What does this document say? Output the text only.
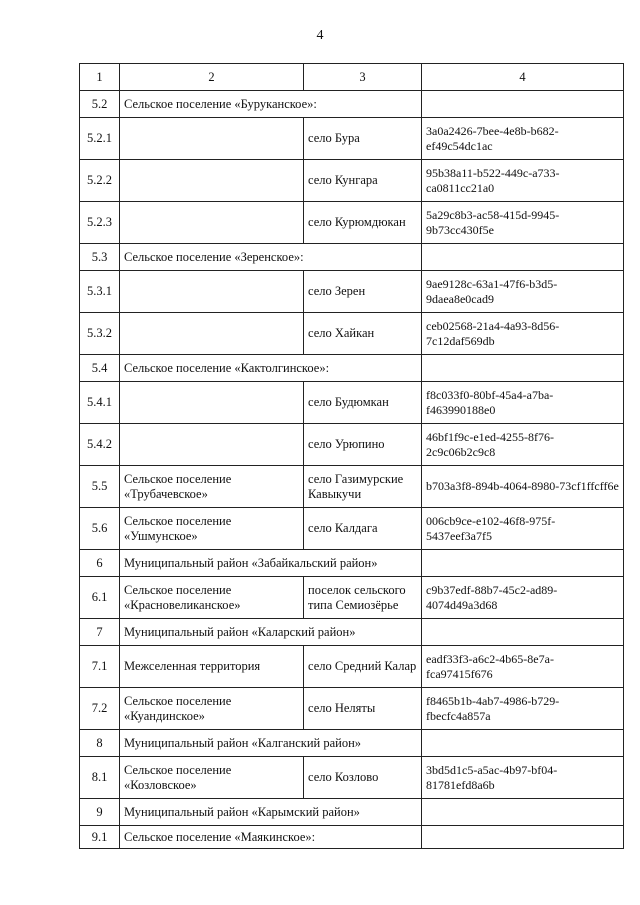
4
1	2	3	4
5.2	Сельское поселение «Буруканское»:		
5.2.1		село Бура	3a0a2426-7bee-4e8b-b682-ef49c54dc1ac
5.2.2		село Кунгара	95b38a11-b522-449c-a733-ca0811cc21a0
5.2.3		село Курюмдюкан	5a29c8b3-ac58-415d-9945-9b73cc430f5e
5.3	Сельское поселение «Зеренское»:		
5.3.1		село Зерен	9ae9128c-63a1-47f6-b3d5-9daea8e0cad9
5.3.2		село Хайкан	ceb02568-21a4-4a93-8d56-7c12daf569db
5.4	Сельское поселение «Кактолгинское»:		
5.4.1		село Будюмкан	f8c033f0-80bf-45a4-a7ba-f463990188e0
5.4.2		село Урюпино	46bf1f9c-e1ed-4255-8f76-2c9c06b2c9c8
5.5	Сельское поселение «Трубачевское»	село Газимурские Кавыкучи	b703a3f8-894b-4064-8980-73cf1ffcff6e
5.6	Сельское поселение «Ушмунское»	село Калдага	006cb9ce-e102-46f8-975f-5437eef3a7f5
6	Муниципальный район «Забайкальский район»		
6.1	Сельское поселение «Красновеликанское»	поселок сельского типа Семиозёрье	c9b37edf-88b7-45c2-ad89-4074d49a3d68
7	Муниципальный район «Каларский район»		
7.1	Межселенная территория	село Средний Калар	eadf33f3-a6c2-4b65-8e7a-fca97415f676
7.2	Сельское поселение «Куандинское»	село Неляты	f8465b1b-4ab7-4986-b729-fbecfc4a857a
8	Муниципальный район «Калганский район»		
8.1	Сельское поселение «Козловское»	село Козлово	3bd5d1c5-a5ac-4b97-bf04-81781efd8a6b
9	Муниципальный район «Карымский район»		
9.1	Сельское поселение «Маякинское»:		
